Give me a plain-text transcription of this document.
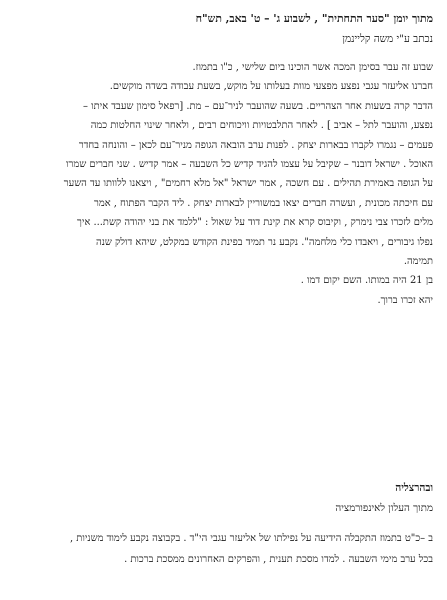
מתוך יומן "סער התחתית" , לשבוע ג' – ט' באב, תש"ח
נכתב ע"י משה קליינמן
שבוע זה עבר בסימן המכה אשר הוכינו ביום שלישי , כ"ו בתמוז.
חברנו אליעזר עגבי נפצע מפצעי מוות בעלותו על מוקש, בשעת עבודה בשדה מוקשים.
הדבר קרה בשעות אחר הצהריים. בשעה שהועבר לניר־עם – מת. [רפאל סימון שעבד איתו –
נפצע, והועבר לתל – אביב ] . לאחר התלבטויות וויכוחים רבים , ולאחר שינוי החלטות כמה
פעמים – נגמרו לקברו בבארות יצחק . לפנות ערב הובאה הגופה מניר־עם לכאן – והונחה בחדר
האוכל . ישראל דובנר – שקיבל על עצמו להגיד קדיש כל השבעה – אמר קדיש . שני חברים שמרו
על הגופה באמירת תהילים . עם חשכה , אמר ישראל "אל מלא רחמים" , ויצאנו ללוותו עד השער
עם חיכתה מכונית , ועשרה חברים יצאו במשוריין לבארות יצחק . ליד הקבר הפתוח , אמר
מלים לזכרו צבי נימרק , וקיבוס קרא את קינת דוד על שאול : "ללמד את בני יהודה קשת... איך
נפלו גיבורים , ויאבדו כלי מלחמה". נקבע נר תמיד בפינת הקודש במקלט, שיהא דולק שנה
תמימה.
בן 21 היה במותו. השם יקום דמו .
יהא זכרו ברוך.
ובהרצליה
מתוך העלון לאינפורמציה
ב –כ"ט בתמוז התקבלה הידיעה על נפילתו של אליעזר עגבי הי"ד . בקבוצה נקבע לימוד משניות ,
בכל ערב מימי השבעה . למדו מסכת תענית , והפרקים האחרונים ממסכת ברכות .
